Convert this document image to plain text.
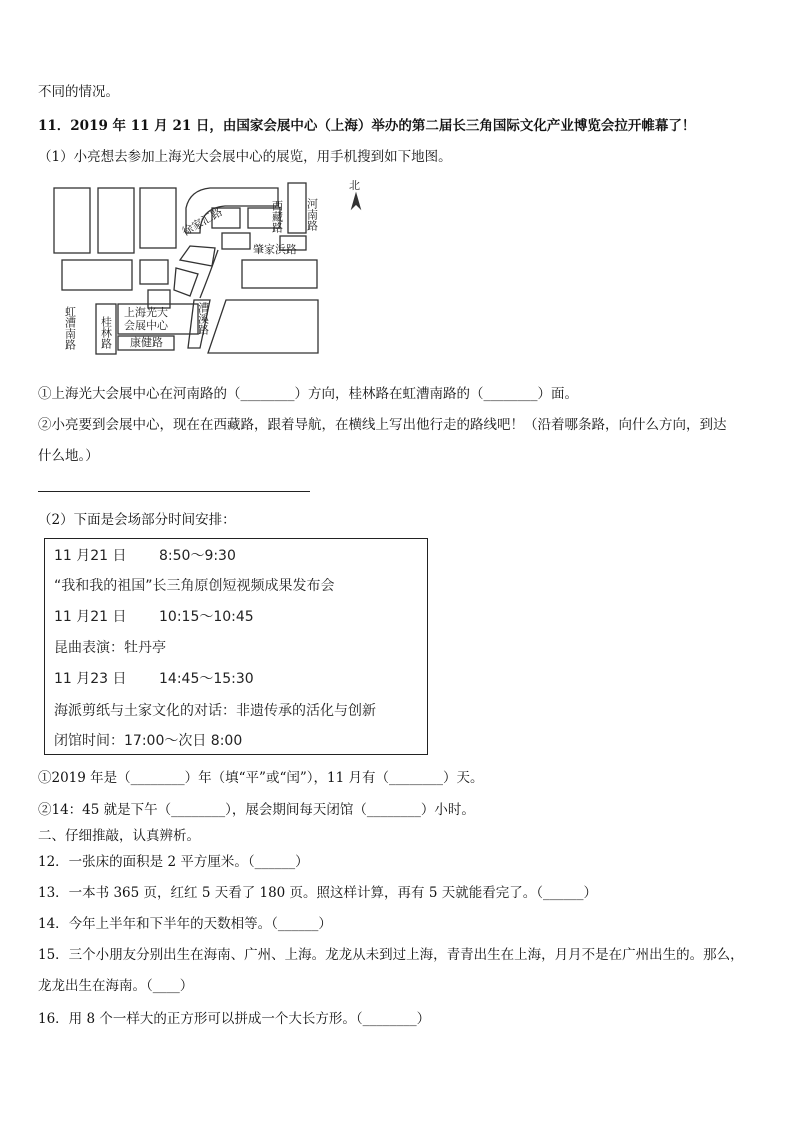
不同的情况。
11．2019 年 11 月 21 日，由国家会展中心（上海）举办的第二届长三角国际文化产业博览会拉开帷幕了！
（1）小亮想去参加上海光大会展中心的展览，用手机搜到如下地图。
北
河南路
西藏路
徐家汇路
肇家浜路
漕溪路
虹漕南路 桂林路 康健路
上海光大
会展中心
①上海光大会展中心在河南路的（________）方向，桂林路在虹漕南路的（________）面。
②小亮要到会展中心，现在在西藏路，跟着导航，在横线上写出他行走的路线吧！（沿着哪条路，向什么方向，到达
什么地。）
（2）下面是会场部分时间安排：
11 月21 日 8:50～9:30
“我和我的祖国”长三角原创短视频成果发布会
11 月21 日 10:15～10:45
昆曲表演：牡丹亭
11 月23 日 14:45～15:30
海派剪纸与土家文化的对话：非遗传承的活化与创新
闭馆时间：17:00～次日 8:00
①2019 年是（________）年（填“平”或“闰”），11 月有（________）天。
②14：45 就是下午（________），展会期间每天闭馆（________）小时。
二、仔细推敲，认真辨析。
12．一张床的面积是 2 平方厘米。（______）
13．一本书 365 页，红红 5 天看了 180 页。照这样计算，再有 5 天就能看完了。（______）
14．今年上半年和下半年的天数相等。（______）
15．三个小朋友分别出生在海南、广州、上海。龙龙从未到过上海，青青出生在上海，月月不是在广州出生的。那么，
龙龙出生在海南。（____）
16．用 8 个一样大的正方形可以拼成一个大长方形。（________）
